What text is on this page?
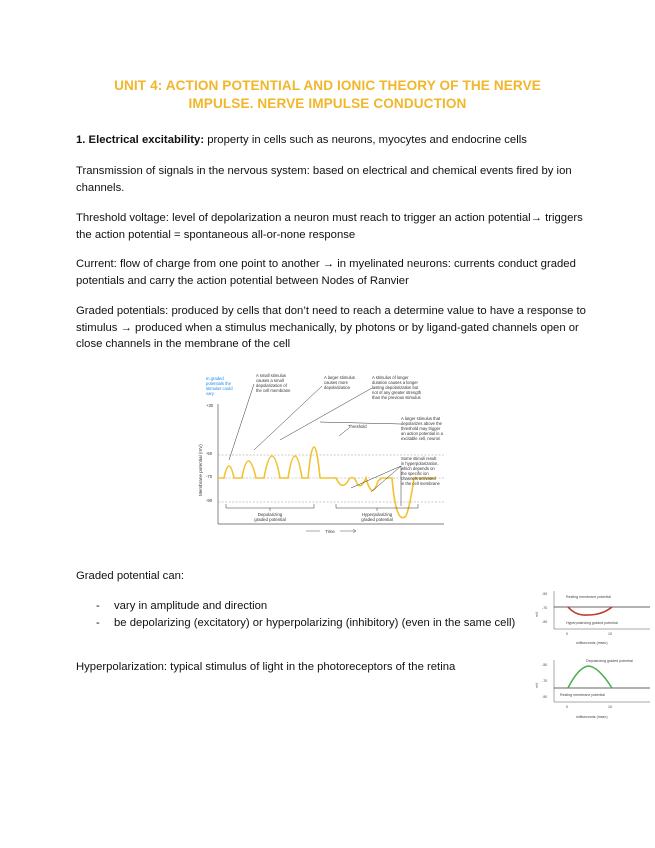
UNIT 4: ACTION POTENTIAL AND IONIC THEORY OF THE NERVE
IMPULSE. NERVE IMPULSE CONDUCTION
1. Electrical excitability: property in cells such as neurons, myocytes and endocrine cells
Transmission of signals in the nervous system: based on electrical and chemical events fired by ion channels.
Threshold voltage: level of depolarization a neuron must reach to trigger an action potential→ triggers the action potential = spontaneous all-or-none response
Current: flow of charge from one point to another → in myelinated neurons: currents conduct graded potentials and carry the action potential between Nodes of Ranvier
Graded potentials: produced by cells that don’t need to reach a determine value to have a response to stimulus → produced when a stimulus mechanically, by photons or by ligand-gated channels open or close channels in the membrane of the cell
In graded
potentials the
stimulus could
vary
Membrane potential (mV)
+30
-50
-70
-90
A small stimulus
causes a small
depolarization of
the cell membrane
A larger stimulus
causes more
depolarization
A stimulus of longer
duration causes a longer
lasting depolarization but
not of any greater strength
than the previous stimulus
Threshold
A larger stimulus that
depolarizes above the
threshold may trigger
an action potential in a
excitable cell, neuron
Some stimuli result
in hyperpolarization,
which depends on
the specific ion
channels activated
in the cell membrane
Depolarizing
graded potential
Hyperpolarizing
graded potential
Time
Graded potential can:
- vary in amplitude and direction
- be depolarizing (excitatory) or hyperpolarizing (inhibitory) (even in the same cell)
-50
-70
-90
mV
Resting membrane potential
Hyperpolarizing graded potential
0	10
milliseconds (msec)
Hyperpolarization: typical stimulus of light in the photoreceptors of the retina	-50
-70
-90
mV
Depolarizing graded potential
Resting membrane potential
0	10
milliseconds (msec)
